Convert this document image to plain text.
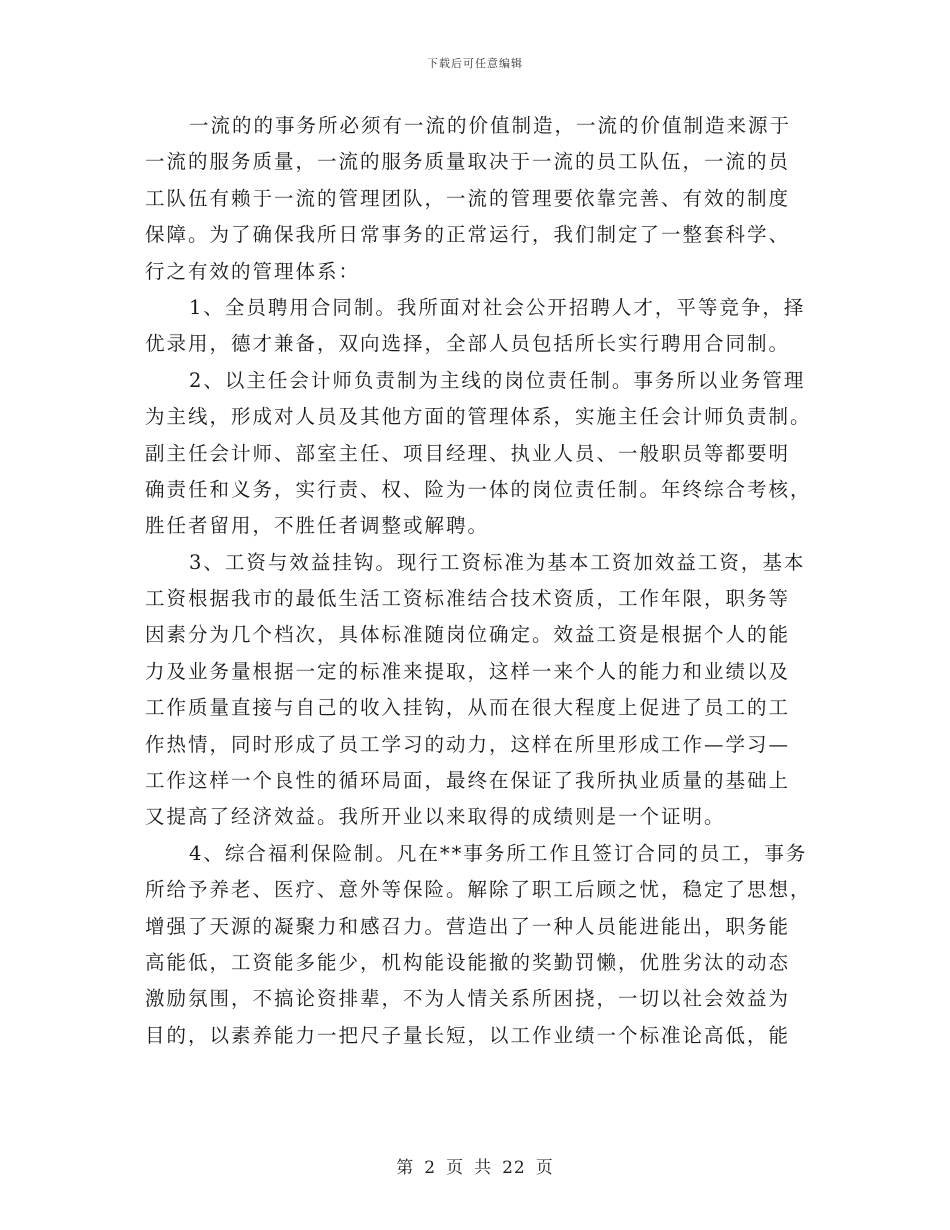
下载后可任意编辑
一流的的事务所必须有一流的价值制造，一流的价值制造来源于
一流的服务质量，一流的服务质量取决于一流的员工队伍，一流的员
工队伍有赖于一流的管理团队，一流的管理要依靠完善、有效的制度
保障。为了确保我所日常事务的正常运行，我们制定了一整套科学、
行之有效的管理体系：
1、全员聘用合同制。我所面对社会公开招聘人才，平等竞争，择
优录用，德才兼备，双向选择，全部人员包括所长实行聘用合同制。
2、以主任会计师负责制为主线的岗位责任制。事务所以业务管理
为主线，形成对人员及其他方面的管理体系，实施主任会计师负责制。
副主任会计师、部室主任、项目经理、执业人员、一般职员等都要明
确责任和义务，实行责、权、险为一体的岗位责任制。年终综合考核，
胜任者留用，不胜任者调整或解聘。
3、工资与效益挂钩。现行工资标准为基本工资加效益工资，基本
工资根据我市的最低生活工资标准结合技术资质，工作年限，职务等
因素分为几个档次，具体标准随岗位确定。效益工资是根据个人的能
力及业务量根据一定的标准来提取，这样一来个人的能力和业绩以及
工作质量直接与自己的收入挂钩，从而在很大程度上促进了员工的工
作热情，同时形成了员工学习的动力，这样在所里形成工作—学习—
工作这样一个良性的循环局面，最终在保证了我所执业质量的基础上
又提高了经济效益。我所开业以来取得的成绩则是一个证明。
4、综合福利保险制。凡在**事务所工作且签订合同的员工，事务
所给予养老、医疗、意外等保险。解除了职工后顾之忧，稳定了思想，
增强了天源的凝聚力和感召力。营造出了一种人员能进能出，职务能
高能低，工资能多能少，机构能设能撤的奖勤罚懒，优胜劣汰的动态
激励氛围，不搞论资排辈，不为人情关系所困挠，一切以社会效益为
目的，以素养能力一把尺子量长短，以工作业绩一个标准论高低，能
第 2 页 共 22 页
